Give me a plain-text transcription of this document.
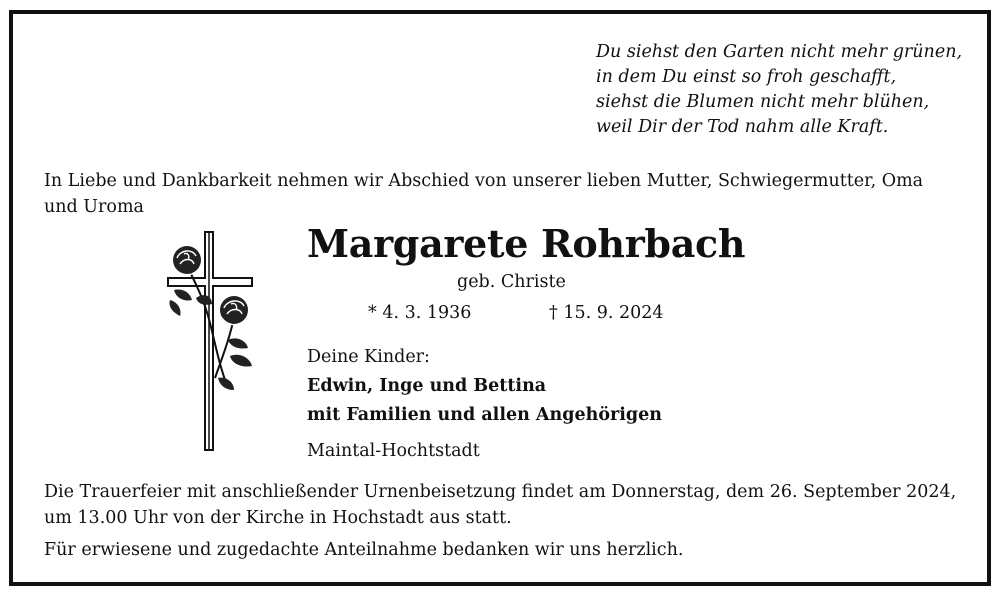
Du siehst den Garten nicht mehr grünen,
in dem Du einst so froh geschafft,
siehst die Blumen nicht mehr blühen,
weil Dir der Tod nahm alle Kraft.
In Liebe und Dankbarkeit nehmen wir Abschied von unserer lieben Mutter, Schwiegermutter, Oma und Uroma
Margarete Rohrbach
geb. Christe
* 4. 3. 1936	† 15. 9. 2024
Deine Kinder:
Edwin, Inge und Bettina
mit Familien und allen Angehörigen
Maintal-Hochtstadt
Die Trauerfeier mit anschließender Urnenbeisetzung findet am Donnerstag, dem 26. September 2024, um 13.00 Uhr von der Kirche in Hochstadt aus statt.
Für erwiesene und zugedachte Anteilnahme bedanken wir uns herzlich.
